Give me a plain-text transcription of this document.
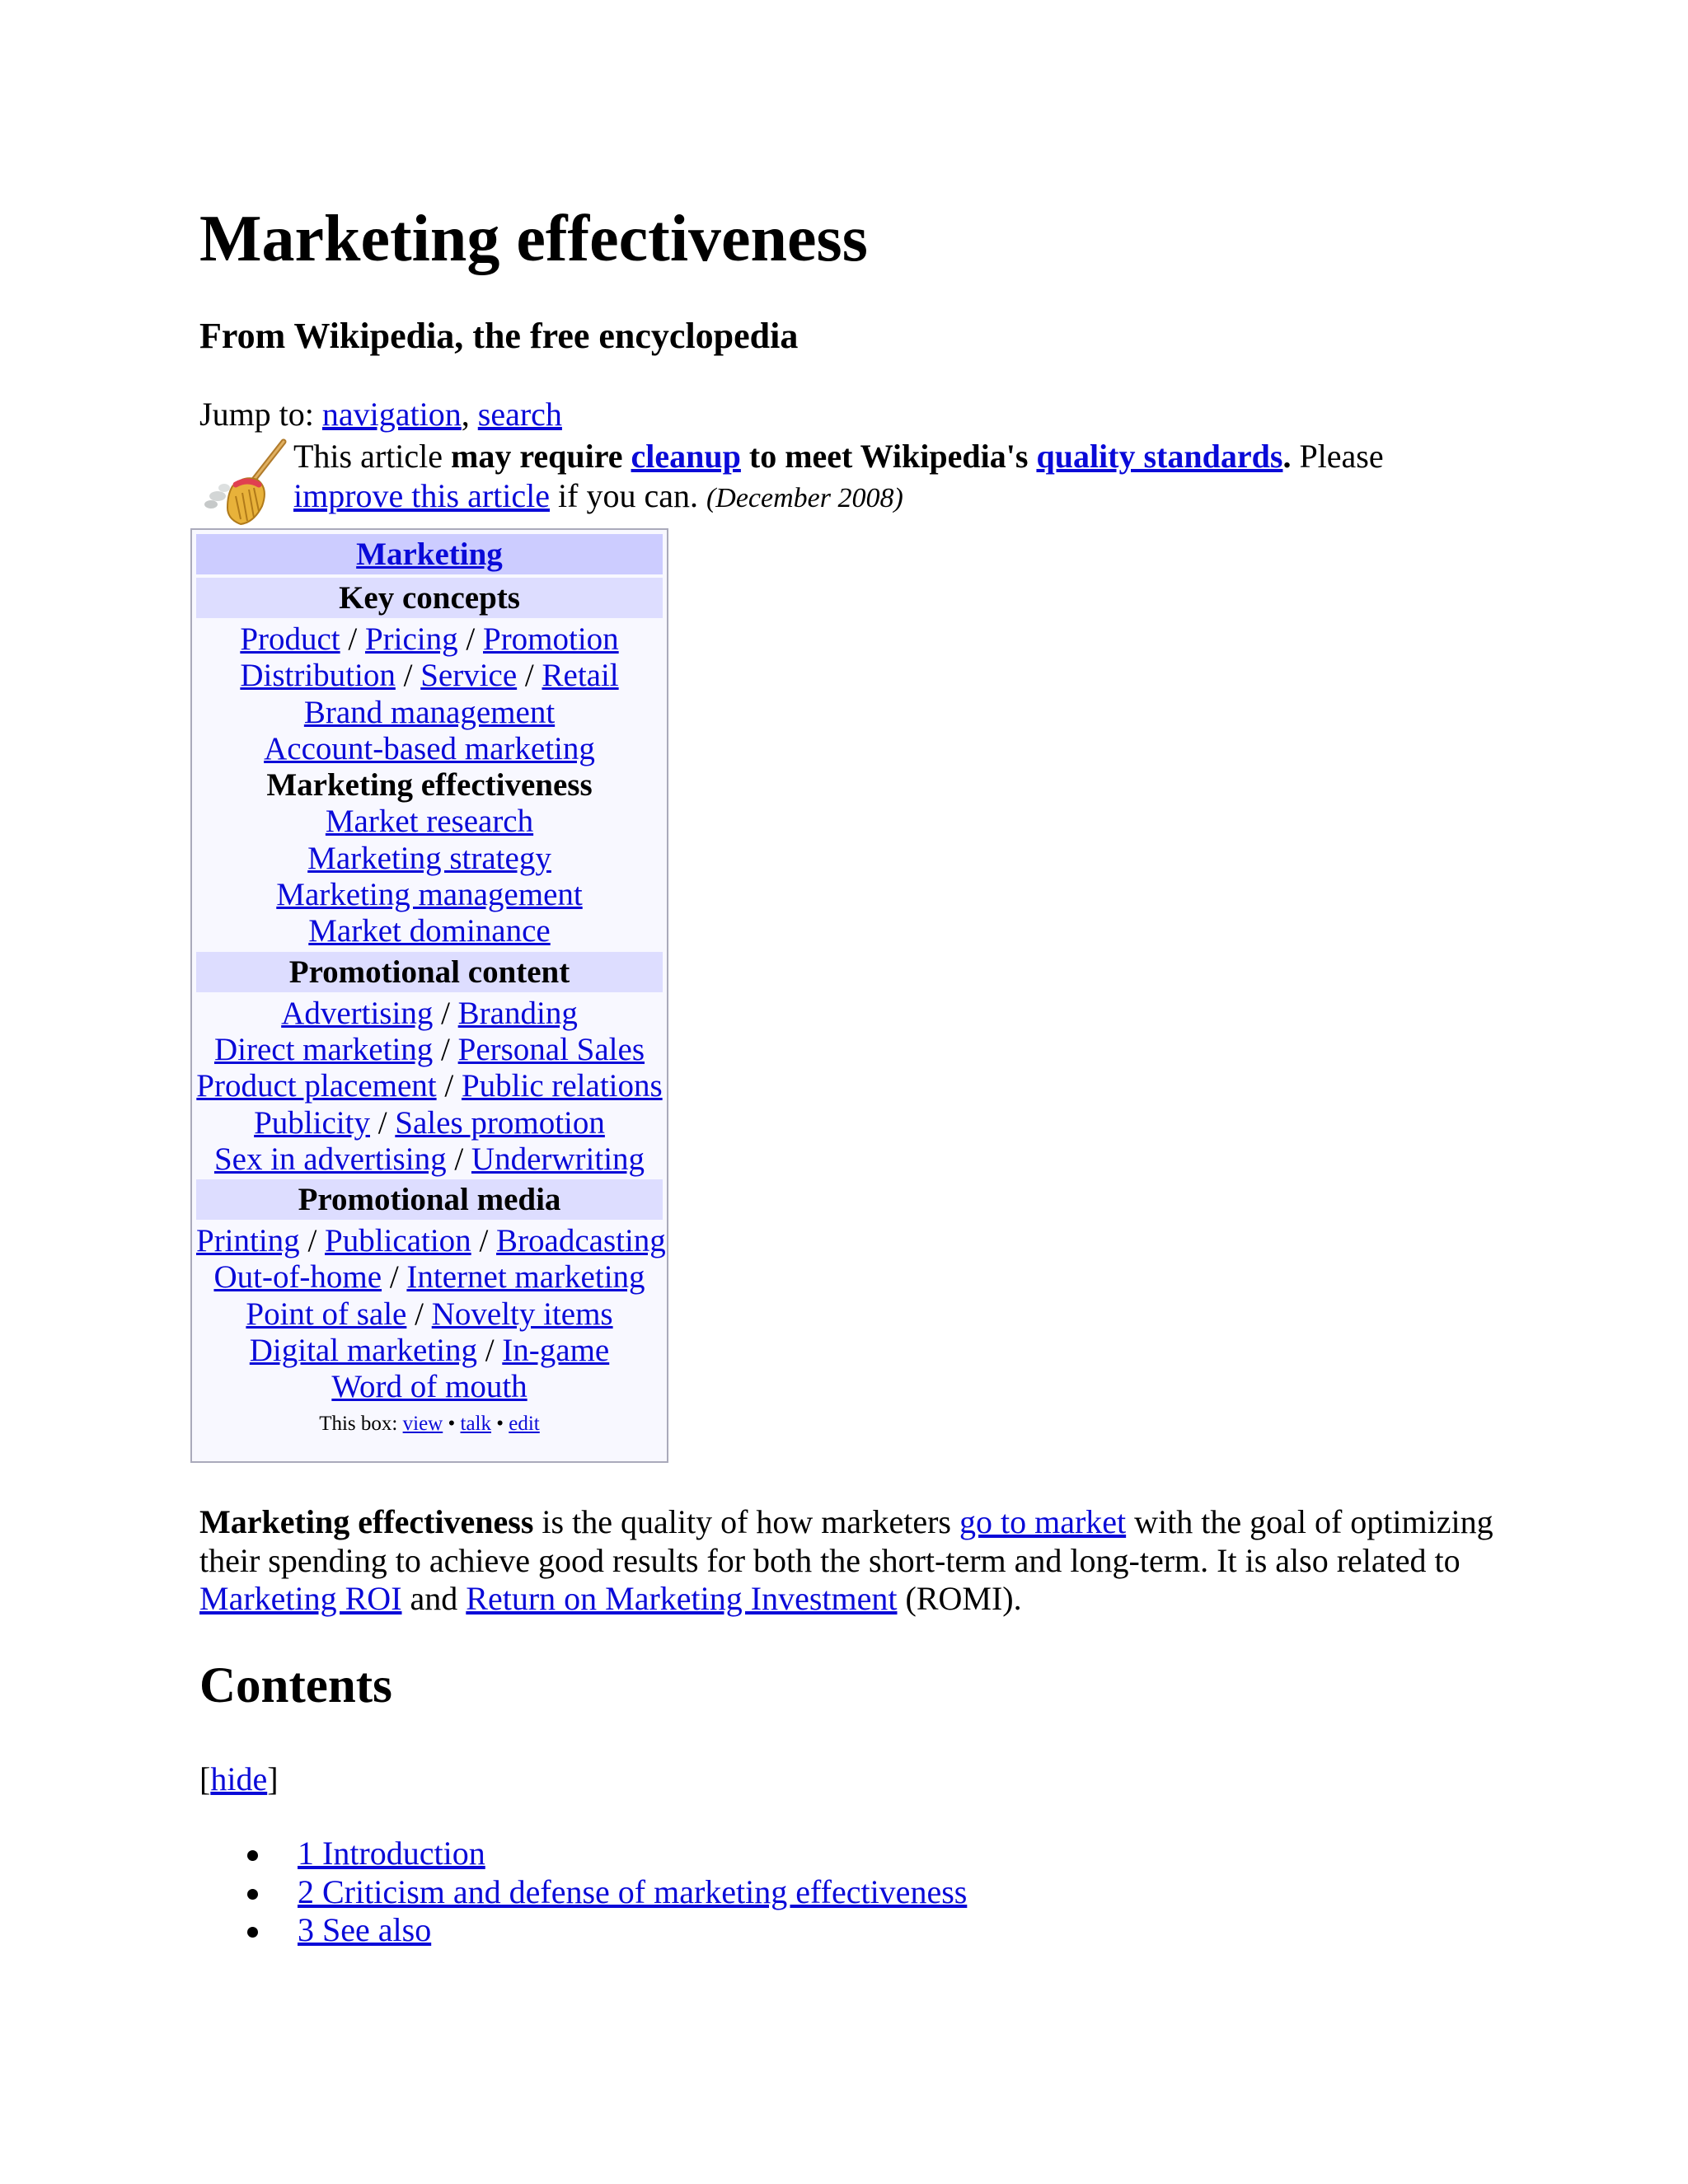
Marketing effectiveness
From Wikipedia, the free encyclopedia
Jump to: navigation, search
This article may require cleanup to meet Wikipedia's quality standards. Please improve this article if you can. (December 2008)
Marketing
Key concepts
Product / Pricing / Promotion
Distribution / Service / Retail
Brand management
Account-based marketing
Marketing effectiveness
Market research
Marketing strategy
Marketing management
Market dominance
Promotional content
Advertising / Branding
Direct marketing / Personal Sales
Product placement / Public relations
Publicity / Sales promotion
Sex in advertising / Underwriting
Promotional media
Printing / Publication / Broadcasting
Out-of-home / Internet marketing
Point of sale / Novelty items
Digital marketing / In-game
Word of mouth
This box: view • talk • edit

Marketing effectiveness is the quality of how marketers go to market with the goal of optimizing their spending to achieve good results for both the short-term and long-term. It is also related to Marketing ROI and Return on Marketing Investment (ROMI).

Contents
[hide]
1 Introduction
2 Criticism and defense of marketing effectiveness
3 See also
